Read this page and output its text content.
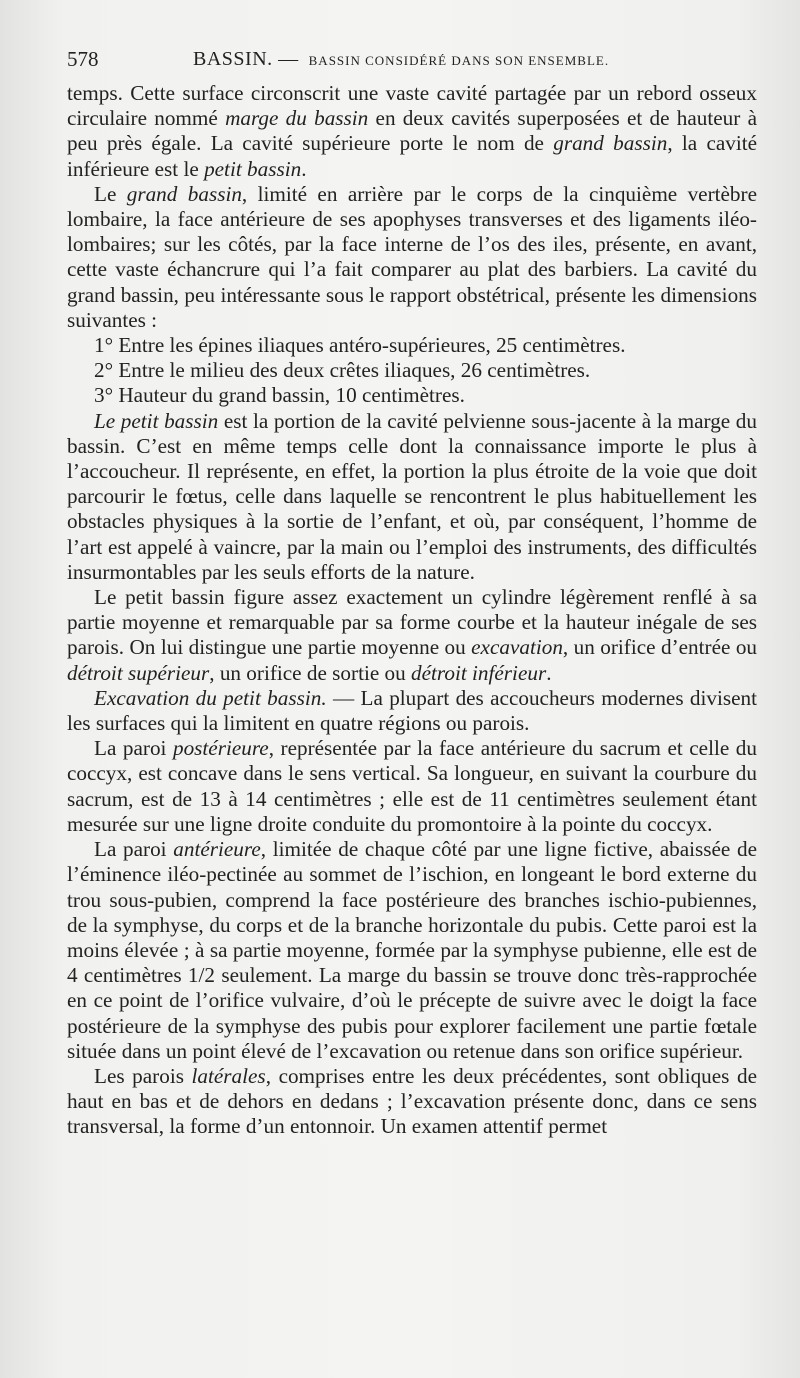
578	BASSIN. — BASSIN CONSIDÉRÉ DANS SON ENSEMBLE.

temps. Cette surface circonscrit une vaste cavité partagée par un rebord osseux circulaire nommé marge du bassin en deux cavités superposées et de hauteur à peu près égale. La cavité supérieure porte le nom de grand bassin, la cavité inférieure est le petit bassin.

Le grand bassin, limité en arrière par le corps de la cinquième vertèbre lombaire, la face antérieure de ses apophyses transverses et des ligaments iléo-lombaires; sur les côtés, par la face interne de l’os des iles, présente, en avant, cette vaste échancrure qui l’a fait comparer au plat des barbiers. La cavité du grand bassin, peu intéressante sous le rapport obstétrical, présente les dimensions suivantes :

1° Entre les épines iliaques antéro-supérieures, 25 centimètres.

2° Entre le milieu des deux crêtes iliaques, 26 centimètres.

3° Hauteur du grand bassin, 10 centimètres.

Le petit bassin est la portion de la cavité pelvienne sous-jacente à la marge du bassin. C’est en même temps celle dont la connaissance importe le plus à l’accoucheur. Il représente, en effet, la portion la plus étroite de la voie que doit parcourir le fœtus, celle dans laquelle se rencontrent le plus habituellement les obstacles physiques à la sortie de l’enfant, et où, par conséquent, l’homme de l’art est appelé à vaincre, par la main ou l’emploi des instruments, des difficultés insurmontables par les seuls efforts de la nature.

Le petit bassin figure assez exactement un cylindre légèrement renflé à sa partie moyenne et remarquable par sa forme courbe et la hauteur inégale de ses parois. On lui distingue une partie moyenne ou excavation, un orifice d’entrée ou détroit supérieur, un orifice de sortie ou détroit inférieur.

Excavation du petit bassin. — La plupart des accoucheurs modernes divisent les surfaces qui la limitent en quatre régions ou parois.

La paroi postérieure, représentée par la face antérieure du sacrum et celle du coccyx, est concave dans le sens vertical. Sa longueur, en suivant la courbure du sacrum, est de 13 à 14 centimètres ; elle est de 11 centimètres seulement étant mesurée sur une ligne droite conduite du promontoire à la pointe du coccyx.

La paroi antérieure, limitée de chaque côté par une ligne fictive, abaissée de l’éminence iléo-pectinée au sommet de l’ischion, en longeant le bord externe du trou sous-pubien, comprend la face postérieure des branches ischio-pubiennes, de la symphyse, du corps et de la branche horizontale du pubis. Cette paroi est la moins élevée ; à sa partie moyenne, formée par la symphyse pubienne, elle est de 4 centimètres 1/2 seulement. La marge du bassin se trouve donc très-rapprochée en ce point de l’orifice vulvaire, d’où le précepte de suivre avec le doigt la face postérieure de la symphyse des pubis pour explorer facilement une partie fœtale située dans un point élevé de l’excavation ou retenue dans son orifice supérieur.

Les parois latérales, comprises entre les deux précédentes, sont obliques de haut en bas et de dehors en dedans ; l’excavation présente donc, dans ce sens transversal, la forme d’un entonnoir. Un examen attentif permet
